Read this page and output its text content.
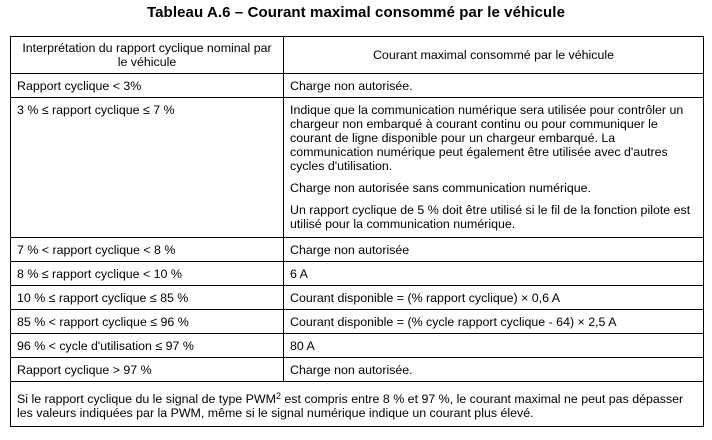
Tableau A.6 – Courant maximal consommé par le véhicule
Interprétation du rapport cyclique nominal par le véhicule	Courant maximal consommé par le véhicule
Rapport cyclique < 3%	Charge non autorisée.
3 % ≤ rapport cyclique ≤ 7 %	Indique que la communication numérique sera utilisée pour contrôler un chargeur non embarqué à courant continu ou pour communiquer le courant de ligne disponible pour un chargeur embarqué. La communication numérique peut également être utilisée avec d'autres cycles d'utilisation.

Charge non autorisée sans communication numérique.

Un rapport cyclique de 5 % doit être utilisé si le fil de la fonction pilote est utilisé pour la communication numérique.

7 % < rapport cyclique < 8 %	Charge non autorisée
8 % ≤ rapport cyclique < 10 %	6 A
10 % ≤ rapport cyclique ≤ 85 %	Courant disponible = (% rapport cyclique) × 0,6 A
85 % < rapport cyclique ≤ 96 %	Courant disponible = (% cycle rapport cyclique - 64) × 2,5 A
96 % < cycle d'utilisation ≤ 97 %	80 A
Rapport cyclique > 97 %	Charge non autorisée.
Si le rapport cyclique du le signal de type PWM$^2$ est compris entre 8 % et 97 %, le courant maximal ne peut pas dépasser les valeurs indiquées par la PWM, même si le signal numérique indique un courant plus élevé.	
